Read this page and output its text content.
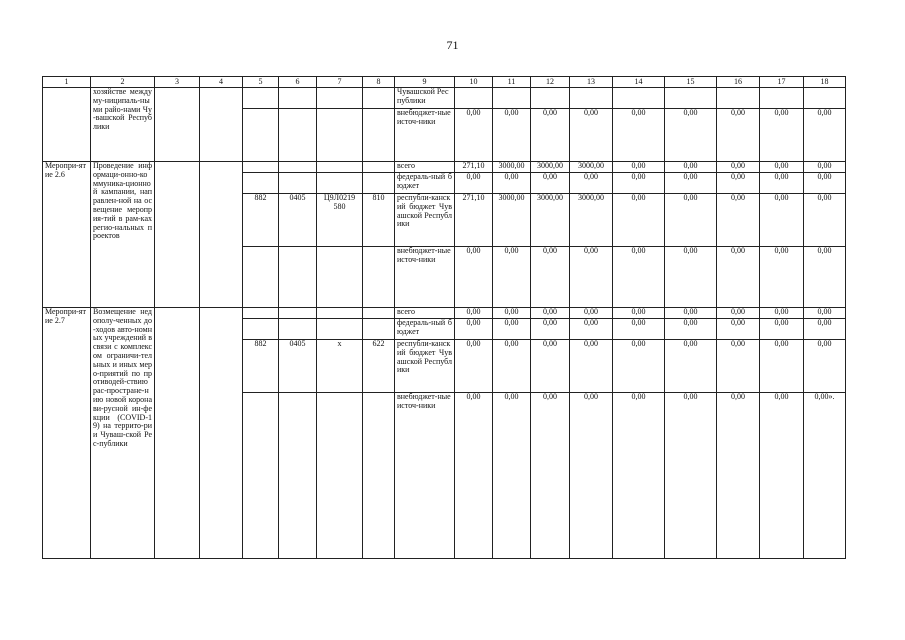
71
1	2	3	4	5	6	7	8	9	10	11	12	13	14	15	16	17	18
	хозяйстве между му-ниципаль-ными райо-нами Чу-вашской Республики							Чувашской Республики									
								внебюджет-ные источ-ники	0,00	0,00	0,00	0,00	0,00	0,00	0,00	0,00	0,00
Меропри-ятие 2.6	Проведение информаци-онно-коммуника-ционной кампании, направлен-ной на освещение мероприя-тий в рам-ках регио-нальных проектов							всего	271,10	3000,00	3000,00	3000,00	0,00	0,00	0,00	0,00	0,00
								федераль-ный бюджет	0,00	0,00	0,00	0,00	0,00	0,00	0,00	0,00	0,00
				882	0405	Ц9Л0219 580	810	республи-канский бюджет Чувашской Республики	271,10	3000,00	3000,00	3000,00	0,00	0,00	0,00	0,00	0,00
								внебюджет-ные источ-ники	0,00	0,00	0,00	0,00	0,00	0,00	0,00	0,00	0,00
Меропри-ятие 2.7	Возмещение недополу-ченных до-ходов авто-номных учреждений в связи с комплексом ограничи-тельных и иных меро-приятий по противодей-ствию рас-простране-нию новой коронави-русной ин-фекции (COVID-19) на террито-рии Чуваш-ской Рес-публики							всего	0,00	0,00	0,00	0,00	0,00	0,00	0,00	0,00	0,00
								федераль-ный бюджет	0,00	0,00	0,00	0,00	0,00	0,00	0,00	0,00	0,00
				882	0405	х	622	республи-канский бюджет Чувашской Республики	0,00	0,00	0,00	0,00	0,00	0,00	0,00	0,00	0,00
								внебюджет-ные источ-ники	0,00	0,00	0,00	0,00	0,00	0,00	0,00	0,00	0,00».
